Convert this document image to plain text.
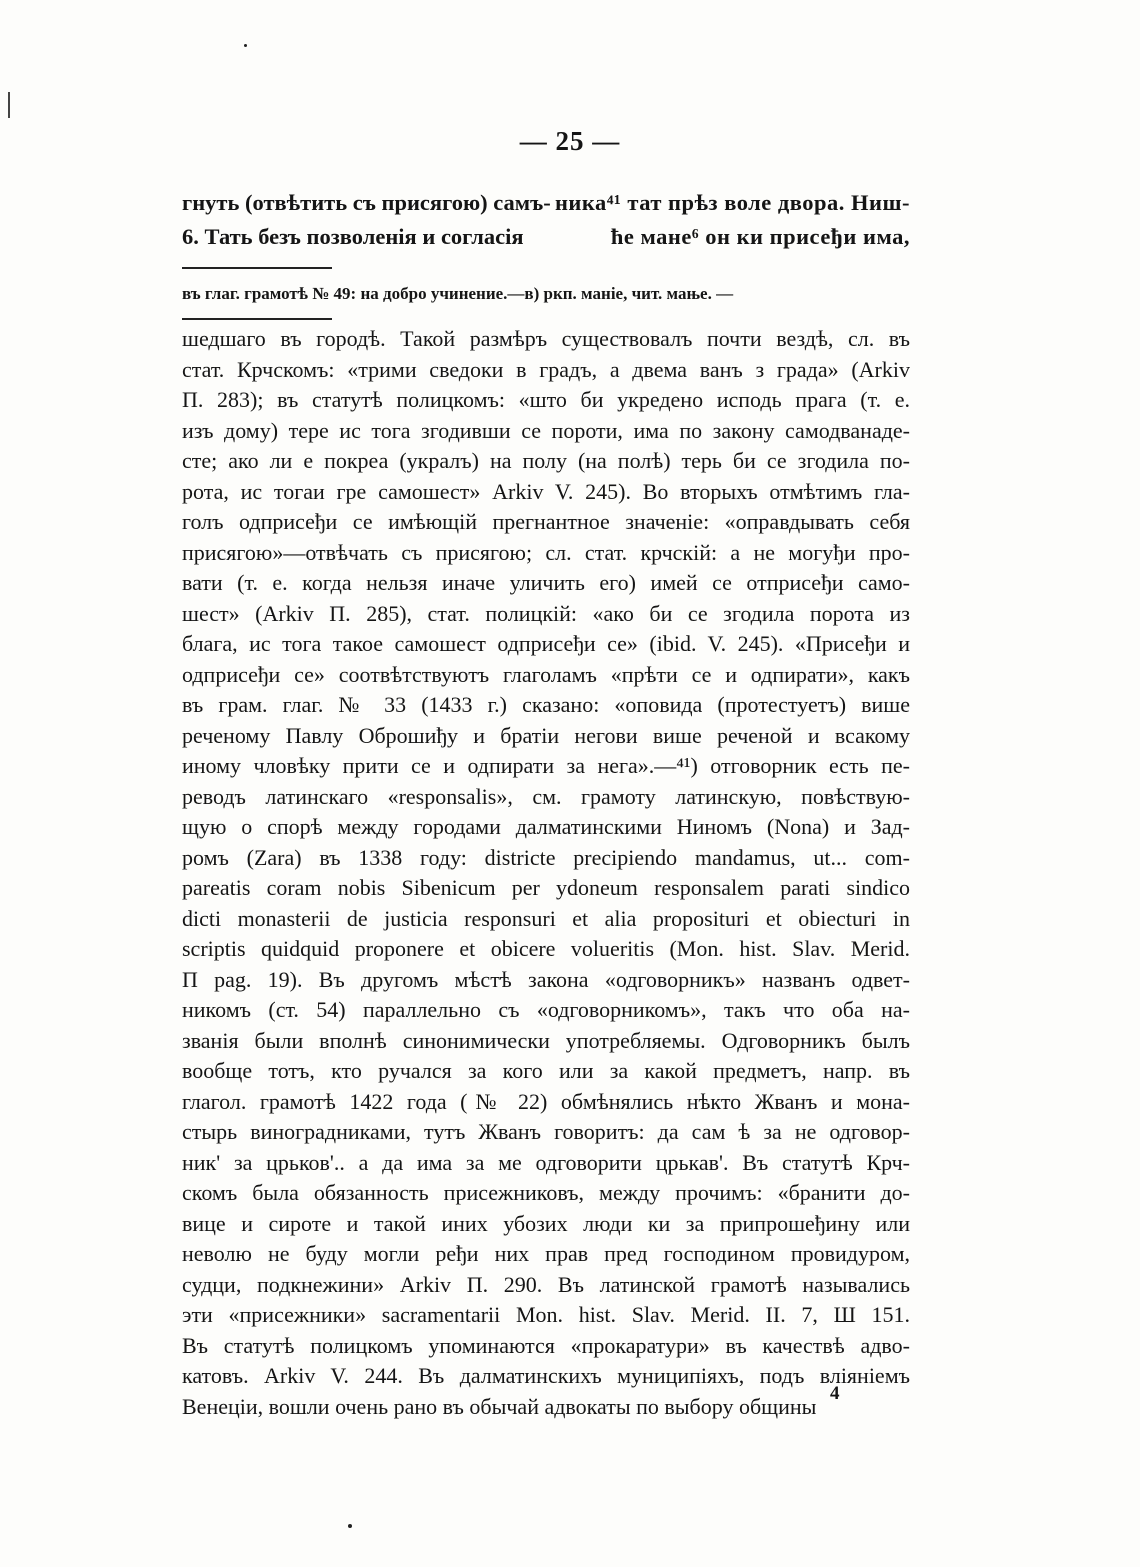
— 25 —
гнуть (отвѣтить съ присягою) самъ-
6. Тать безъ позволенія и согласія
ника⁴¹ тат прѣз воле двора. Ниш-
ће мане⁶ он ки присеђи има,
въ глаг. грамотѣ № 49: на добро учинение.—в) ркп. маніе, чит. мање. —
шедшаго въ городѣ. Такой размѣръ существовалъ почти вездѣ, сл. въ
стат. Крчскомъ: «трими сведоки в градъ, а двема ванъ з града» (Arkiv
П. 283); въ статутѣ полицкомъ: «што би укредено исподь прага (т. е.
изъ дому) тере ис тога згодивши се пороти, има по закону самодванаде-
сте; ако ли е покреа (укралъ) на полу (на полѣ) терь би се згодила по-
рота, ис тогаи гре самошест» Arkiv V. 245). Во вторыхъ отмѣтимъ гла-
голъ одприсеђи се имѣющій прегнантное значеніе: «оправдывать себя
присягою»—отвѣчать съ присягою; сл. стат. крчскій: а не могуђи про-
вати (т. е. когда нельзя иначе уличить его) имей се отприсеђи само-
шест» (Arkiv П. 285), стат. полицкій: «ако би се згодила порота из
блага, ис тога такое самошест одприсеђи се» (ibid. V. 245). «Присеђи и
одприсеђи се» соотвѣтствуютъ глаголамъ «прѣти се и одпирати», какъ
въ грам. глаг. № 33 (1433 г.) сказано: «оповида (протестуетъ) више
реченому Павлу Оброшиђу и братіи негови више реченой и всакому
иному чловѣку прити се и одпирати за нега».—⁴¹) отговорник есть пе-
реводъ латинскаго «responsalis», см. грамоту латинскую, повѣствую-
щую о спорѣ между городами далматинскими Ниномъ (Nona) и Зад-
ромъ (Zara) въ 1338 году: districte precipiendo mandamus, ut... com-
pareatis coram nobis Sibenicum per ydoneum responsalem parati sindico
dicti monasterii de justicia responsuri et alia propositurі et obiecturi in
scriptis quidquid proponere et obicere volueritis (Mon. hist. Slav. Merid.
П pag. 19). Въ другомъ мѣстѣ закона «одговорникъ» названъ одвет-
никомъ (ст. 54) параллельно съ «одговорникомъ», такъ что оба на-
званія были вполнѣ синонимически употребляемы. Одговорникъ былъ
вообще тотъ, кто ручался за кого или за какой предметъ, напр. въ
глагол. грамотѣ 1422 года (№ 22) обмѣнялись нѣкто Жванъ и мона-
стырь виноградниками, тутъ Жванъ говоритъ: да сам ѣ за не одговор-
ник' за црьков'.. а да има за ме одговорити црькав'. Въ статутѣ Крч-
скомъ была обязанность присежниковъ, между прочимъ: «бранити до-
вице и сироте и такой иних убозих люди ки за припрошеђину или
неволю не буду могли ређи них прав пред господином провидуром,
судци, подкнежини» Arkiv П. 290. Въ латинской грамотѣ назывались
эти «присежники» sacramentarii Mon. hist. Slav. Merid. II. 7, Ш 151.
Въ статутѣ полицкомъ упоминаются «прокаратури» въ качествѣ адво-
катовъ. Arkiv V. 244. Въ далматинскихъ муниципіяхъ, подъ вліяніемъ
Венеціи, вошли очень рано въ обычай адвокаты по выбору общины 4
